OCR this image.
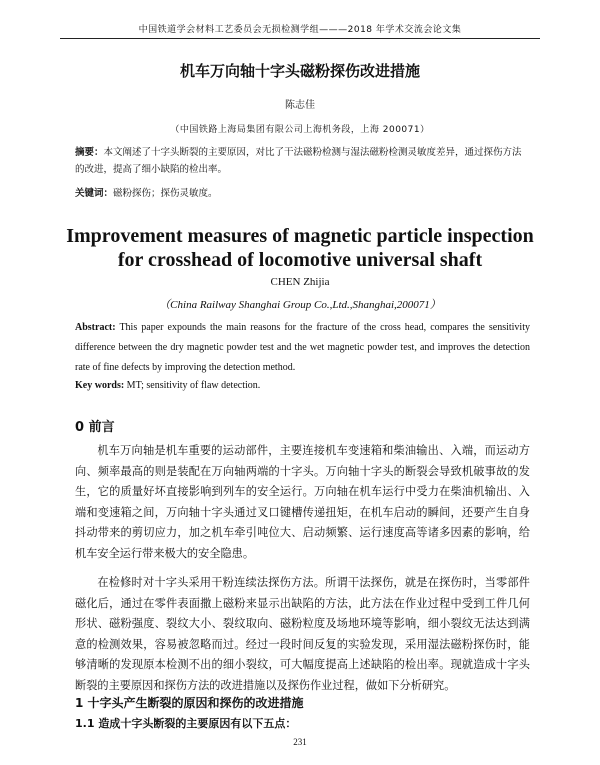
中国铁道学会材料工艺委员会无损检测学组———2018 年学术交流会论文集
机车万向轴十字头磁粉探伤改进措施
陈志佳
（中国铁路上海局集团有限公司上海机务段，上海 200071）
摘要：本文阐述了十字头断裂的主要原因，对比了干法磁粉检测与湿法磁粉检测灵敏度差异，通过探伤方法的改进，提高了细小缺陷的检出率。
关键词：磁粉探伤；探伤灵敏度。
Improvement measures of magnetic particle inspection for crosshead of locomotive universal shaft
CHEN Zhijia
（China Railway Shanghai Group Co.,Ltd.,Shanghai,200071）
Abstract: This paper expounds the main reasons for the fracture of the cross head, compares the sensitivity difference between the dry magnetic powder test and the wet magnetic powder test, and improves the detection rate of fine defects by improving the detection method.
Key words: MT; sensitivity of flaw detection.
0 前言
机车万向轴是机车重要的运动部件，主要连接机车变速箱和柴油输出、入端，而运动方向、频率最高的则是装配在万向轴两端的十字头。万向轴十字头的断裂会导致机破事故的发生，它的质量好坏直接影响到列车的安全运行。万向轴在机车运行中受力在柴油机输出、入端和变速箱之间，万向轴十字头通过叉口键槽传递扭矩，在机车启动的瞬间，还要产生自身抖动带来的剪切应力，加之机车牵引吨位大、启动频繁、运行速度高等诸多因素的影响，给机车安全运行带来极大的安全隐患。
在检修时对十字头采用干粉连续法探伤方法。所谓干法探伤，就是在探伤时，当零部件磁化后，通过在零件表面撒上磁粉来显示出缺陷的方法，此方法在作业过程中受到工件几何形状、磁粉强度、裂纹大小、裂纹取向、磁粉粒度及场地环境等影响，细小裂纹无法达到满意的检测效果，容易被忽略而过。经过一段时间反复的实验发现，采用湿法磁粉探伤时，能够清晰的发现原本检测不出的细小裂纹，可大幅度提高上述缺陷的检出率。现就造成十字头断裂的主要原因和探伤方法的改进措施以及探伤作业过程，做如下分析研究。
1 十字头产生断裂的原因和探伤的改进措施
1.1 造成十字头断裂的主要原因有以下五点：
231
